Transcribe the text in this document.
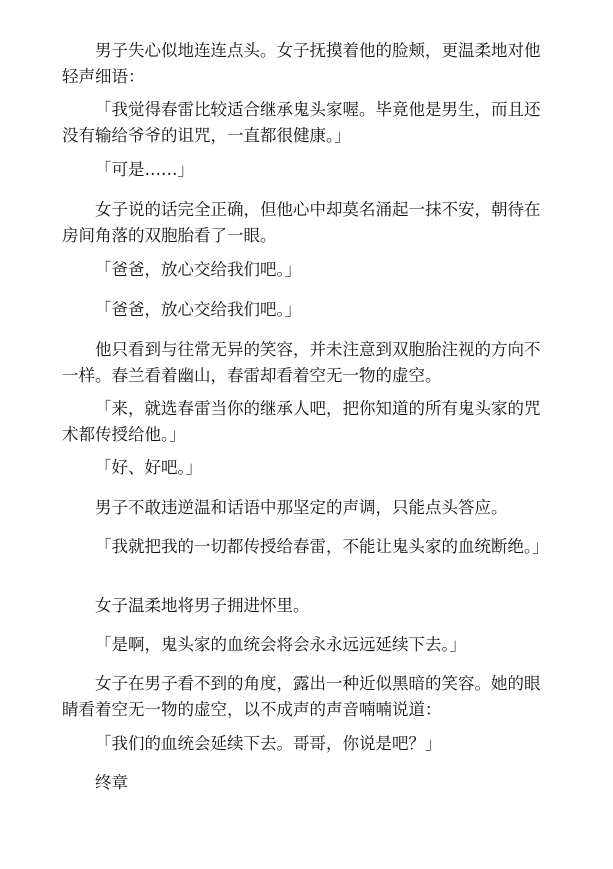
男子失心似地连连点头。女子抚摸着他的脸颊，更温柔地对他轻声细语：

「我觉得春雷比较适合继承鬼头家喔。毕竟他是男生，而且还没有输给爷爷的诅咒，一直都很健康。」

「可是……」

女子说的话完全正确，但他心中却莫名涌起一抹不安，朝待在房间角落的双胞胎看了一眼。

「爸爸，放心交给我们吧。」

「爸爸，放心交给我们吧。」

他只看到与往常无异的笑容，并未注意到双胞胎注视的方向不一样。春兰看着幽山，春雷却看着空无一物的虚空。

「来，就选春雷当你的继承人吧，把你知道的所有鬼头家的咒术都传授给他。」

「好、好吧。」

男子不敢违逆温和话语中那坚定的声调，只能点头答应。

「我就把我的一切都传授给春雷，不能让鬼头家的血统断绝。」

女子温柔地将男子拥进怀里。

「是啊，鬼头家的血统会将会永永远远延续下去。」

女子在男子看不到的角度，露出一种近似黑暗的笑容。她的眼睛看着空无一物的虚空，以不成声的声音喃喃说道：

「我们的血统会延续下去。哥哥，你说是吧？」

终章
